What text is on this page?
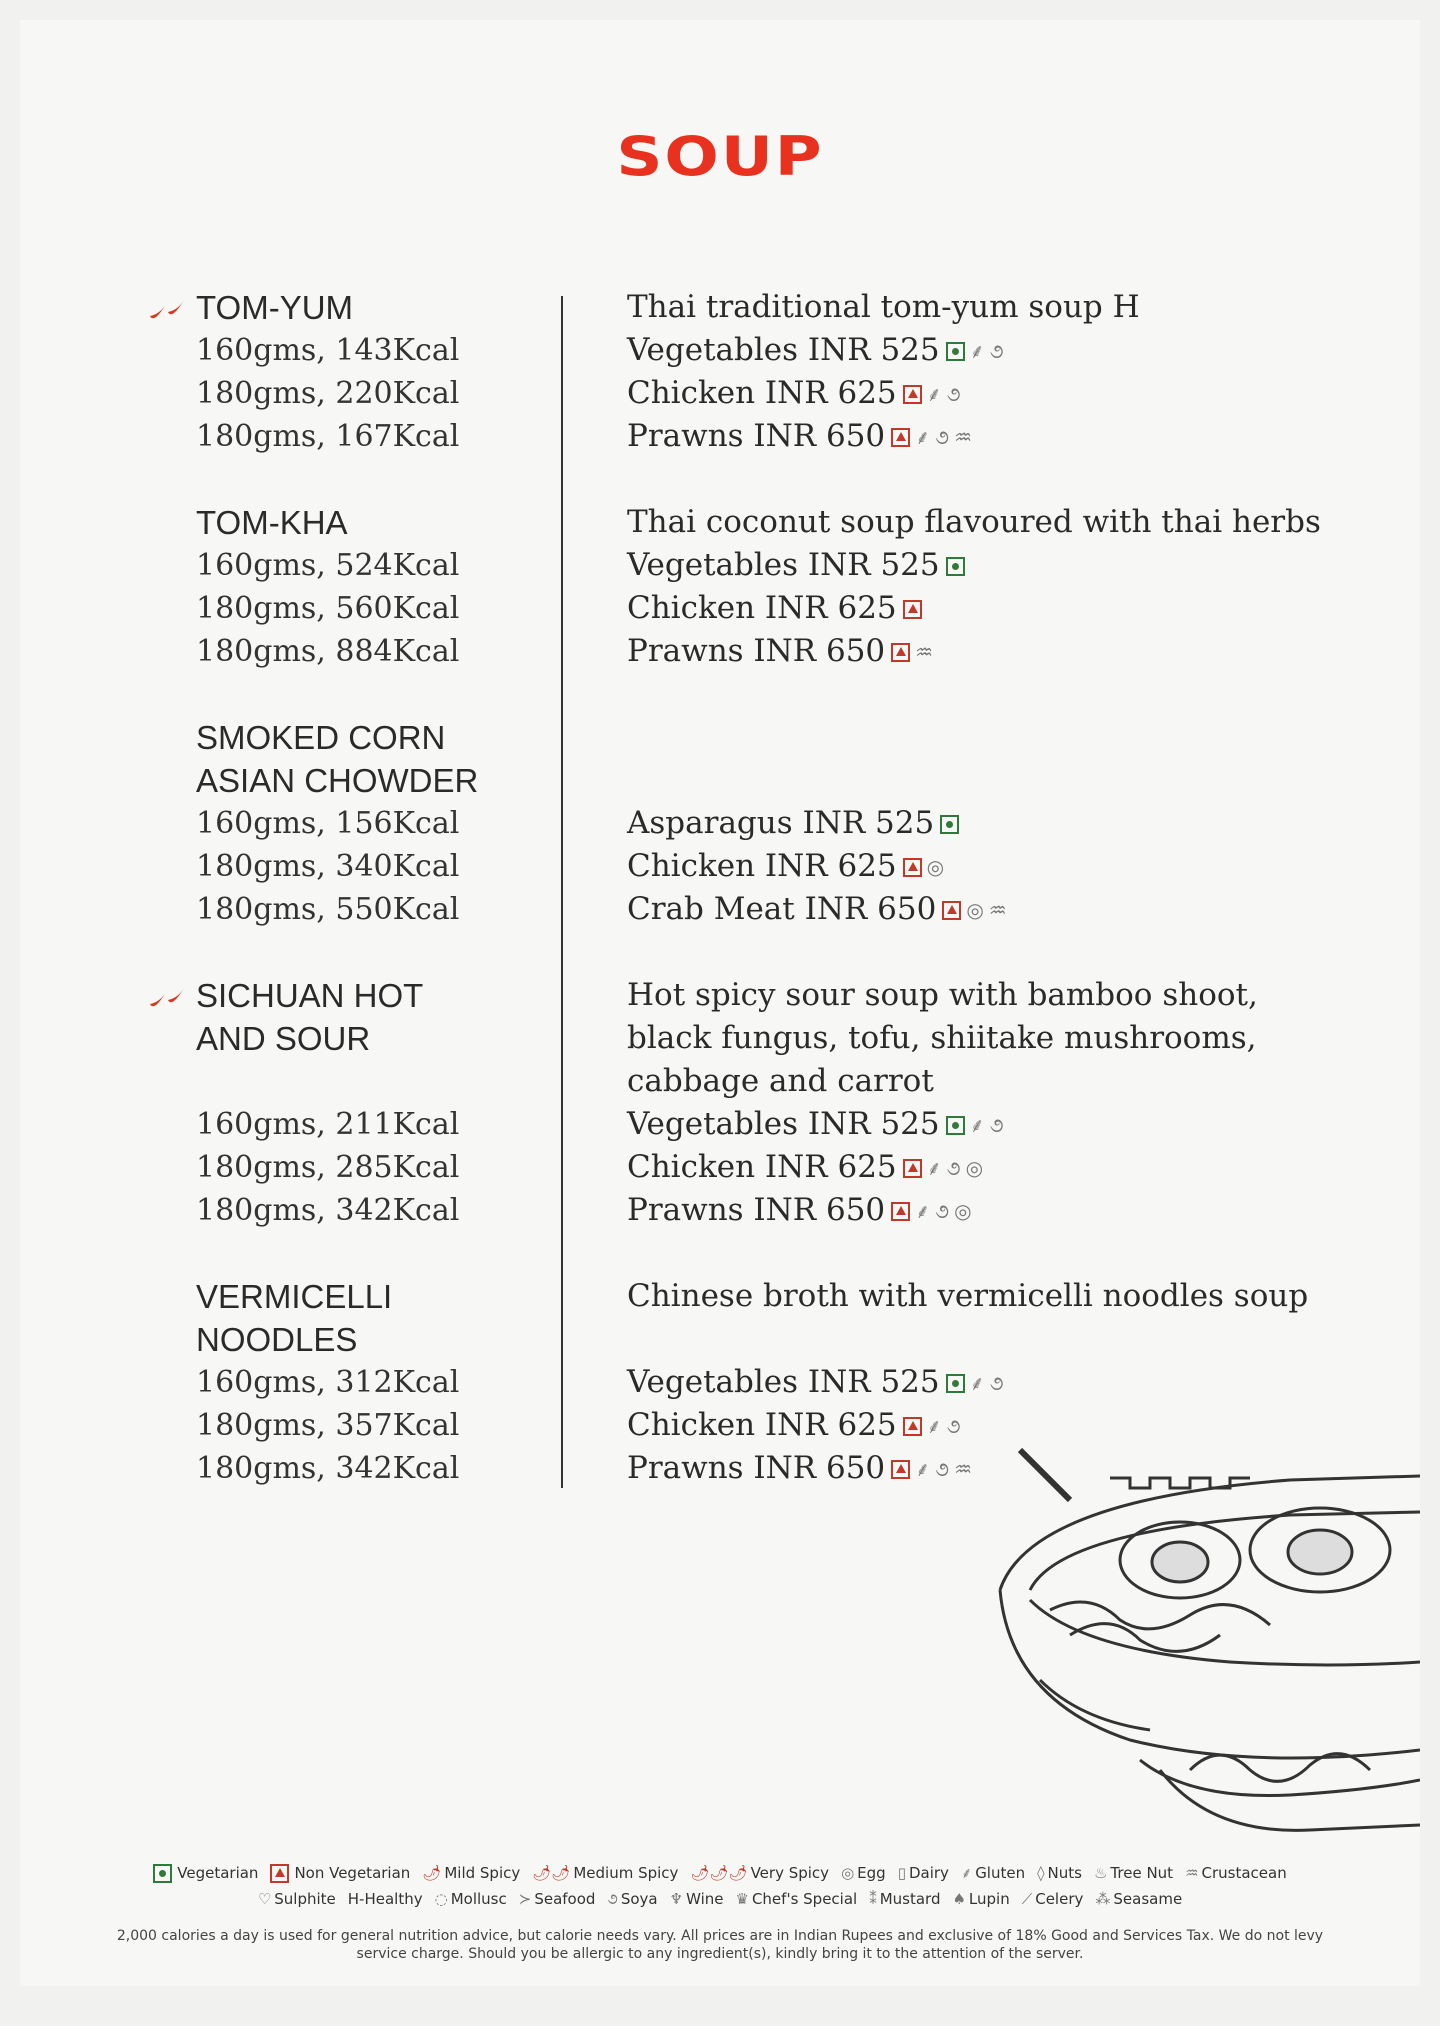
SOUP
TOM-YUM
160gms, 143Kcal
180gms, 220Kcal
180gms, 167Kcal
TOM-KHA
160gms, 524Kcal
180gms, 560Kcal
180gms, 884Kcal
SMOKED CORN
ASIAN CHOWDER
160gms, 156Kcal
180gms, 340Kcal
180gms, 550Kcal
SICHUAN HOT
AND SOUR
160gms, 211Kcal
180gms, 285Kcal
180gms, 342Kcal
VERMICELLI
NOODLES
160gms, 312Kcal
180gms, 357Kcal
180gms, 342Kcal
Thai traditional tom-yum soup H
Vegetables INR 525 ⸙ ૭
Chicken INR 625 ⸙ ૭
Prawns INR 650 ⸙ ૭ ♒
Thai coconut soup flavoured with thai herbs
Vegetables INR 525
Chicken INR 625
Prawns INR 650 ♒
Asparagus INR 525
Chicken INR 625 ◎
Crab Meat INR 650 ◎ ♒
Hot spicy sour soup with bamboo shoot,
black fungus, tofu, shiitake mushrooms,
cabbage and carrot
Vegetables INR 525 ⸙ ૭
Chicken INR 625 ⸙ ૭ ◎
Prawns INR 650 ⸙ ૭ ◎
Chinese broth with vermicelli noodles soup
Vegetables INR 525 ⸙ ૭
Chicken INR 625 ⸙ ૭
Prawns INR 650 ⸙ ૭ ♒
Vegetarian Non Vegetarian 🌶 Mild Spicy 🌶🌶 Medium Spicy 🌶🌶🌶 Very Spicy ◎ Egg ▯ Dairy ⸙ Gluten ◊ Nuts ♨ Tree Nut ♒ Crustacean
♡ Sulphite H-Healthy ◌ Mollusc ≻ Seafood ૭ Soya ♆ Wine ♛ Chef's Special ⁑ Mustard ♠ Lupin ⟋ Celery ⁂ Seasame
2,000 calories a day is used for general nutrition advice, but calorie needs vary. All prices are in Indian Rupees and exclusive of 18% Good and Services Tax. We do not levy service charge. Should you be allergic to any ingredient(s), kindly bring it to the attention of the server.
